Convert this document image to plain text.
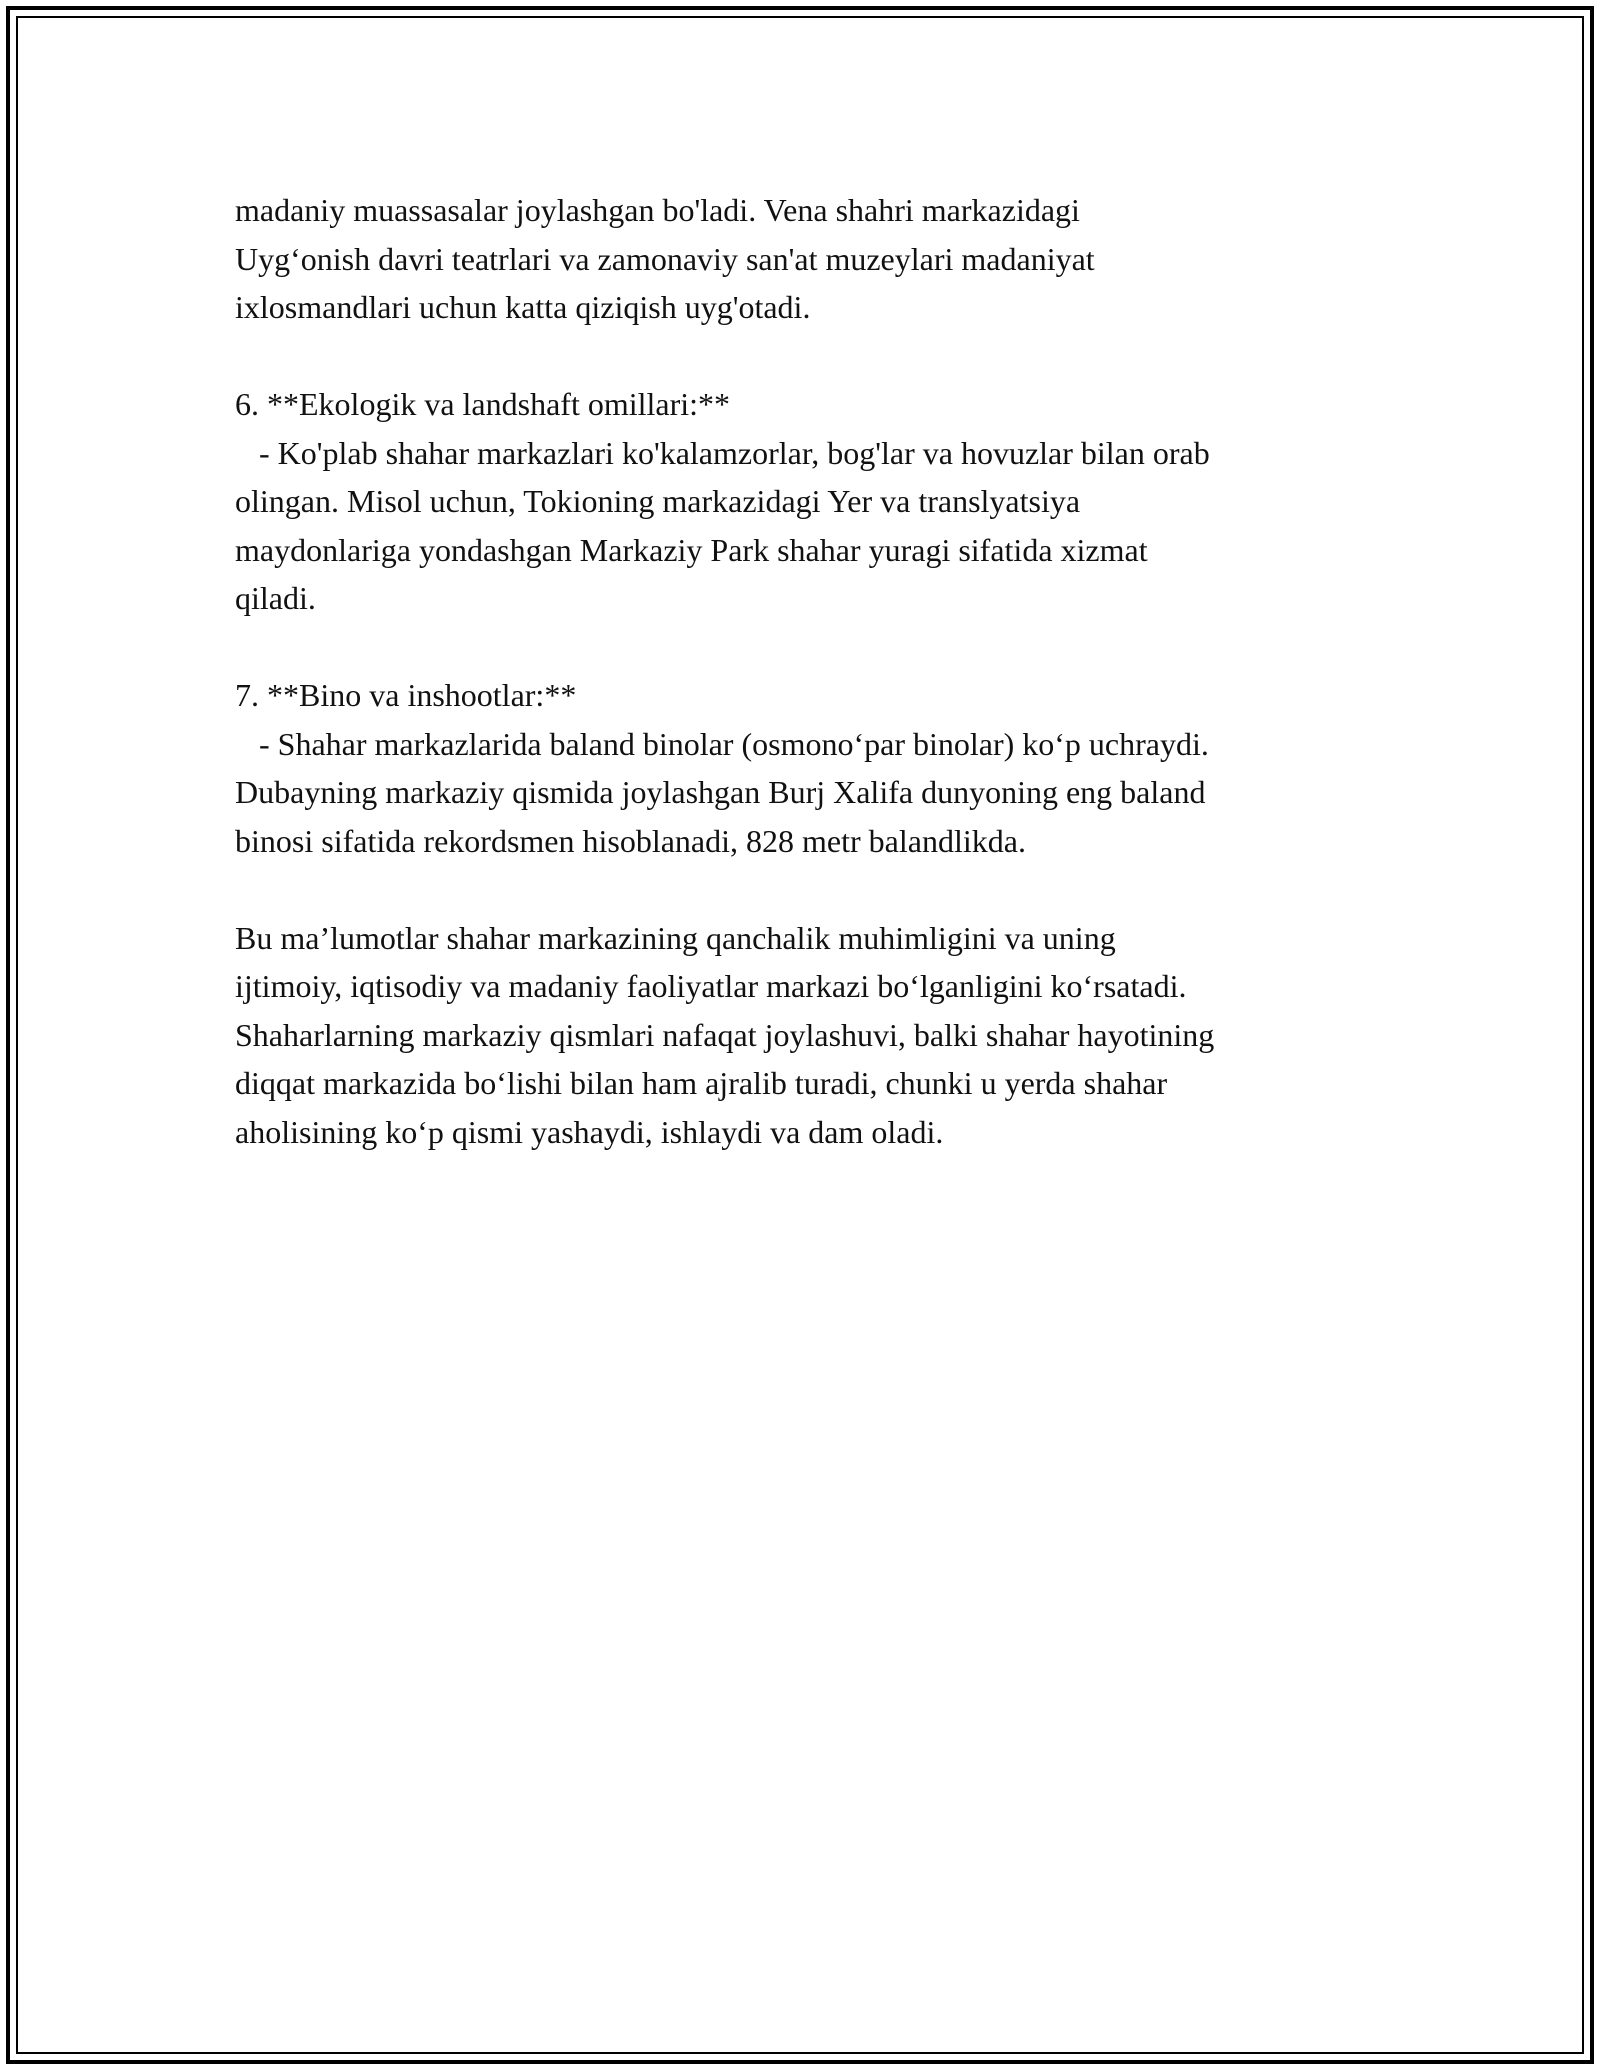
madaniy muassasalar joylashgan bo'ladi. Vena shahri markazidagi
Uyg‘onish davri teatrlari va zamonaviy san'at muzeylari madaniyat
ixlosmandlari uchun katta qiziqish uyg'otadi.
6. **Ekologik va landshaft omillari:**
- Ko'plab shahar markazlari ko'kalamzorlar, bog'lar va hovuzlar bilan orab
olingan. Misol uchun, Tokioning markazidagi Yer va translyatsiya
maydonlariga yondashgan Markaziy Park shahar yuragi sifatida xizmat
qiladi.
7. **Bino va inshootlar:**
- Shahar markazlarida baland binolar (osmono‘par binolar) ko‘p uchraydi.
Dubayning markaziy qismida joylashgan Burj Xalifa dunyoning eng baland
binosi sifatida rekordsmen hisoblanadi, 828 metr balandlikda.
Bu ma’lumotlar shahar markazining qanchalik muhimligini va uning
ijtimoiy, iqtisodiy va madaniy faoliyatlar markazi bo‘lganligini ko‘rsatadi.
Shaharlarning markaziy qismlari nafaqat joylashuvi, balki shahar hayotining
diqqat markazida bo‘lishi bilan ham ajralib turadi, chunki u yerda shahar
aholisining ko‘p qismi yashaydi, ishlaydi va dam oladi.
